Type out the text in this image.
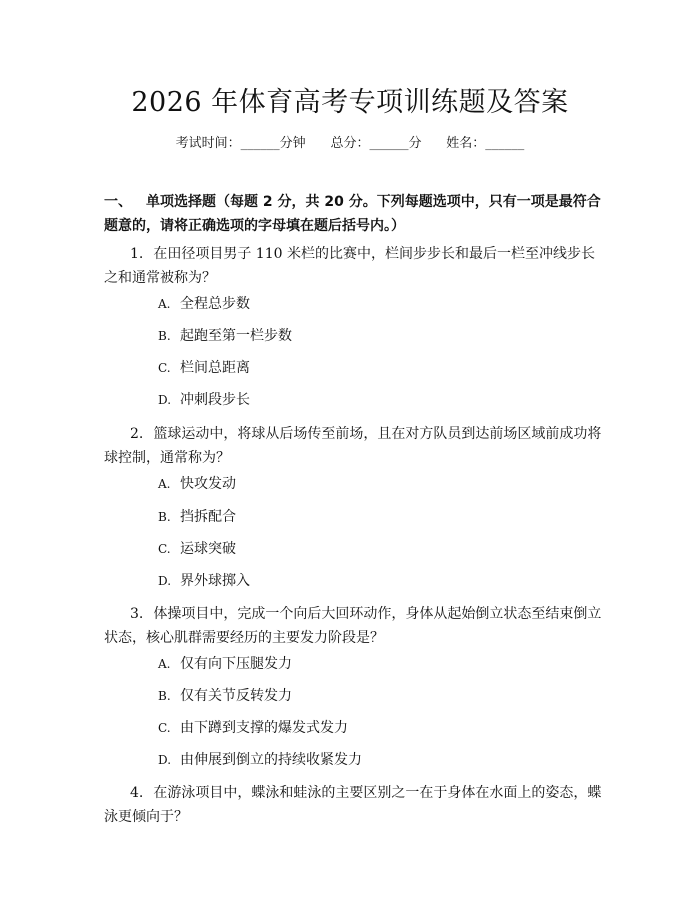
2026 年体育高考专项训练题及答案
考试时间：______分钟 总分：______分 姓名：______
一、 单项选择题（每题 2 分，共 20 分。下列每题选项中，只有一项是最符合题意的，请将正确选项的字母填在题后括号内。）
1. 在田径项目男子 110 米栏的比赛中，栏间步步长和最后一栏至冲线步长之和通常被称为？
A. 全程总步数
B. 起跑至第一栏步数
C. 栏间总距离
D. 冲刺段步长
2. 篮球运动中，将球从后场传至前场，且在对方队员到达前场区域前成功将球控制，通常称为？
A. 快攻发动
B. 挡拆配合
C. 运球突破
D. 界外球掷入
3. 体操项目中，完成一个向后大回环动作，身体从起始倒立状态至结束倒立状态，核心肌群需要经历的主要发力阶段是？
A. 仅有向下压腿发力
B. 仅有关节反转发力
C. 由下蹲到支撑的爆发式发力
D. 由伸展到倒立的持续收紧发力
4. 在游泳项目中，蝶泳和蛙泳的主要区别之一在于身体在水面上的姿态，蝶泳更倾向于？
